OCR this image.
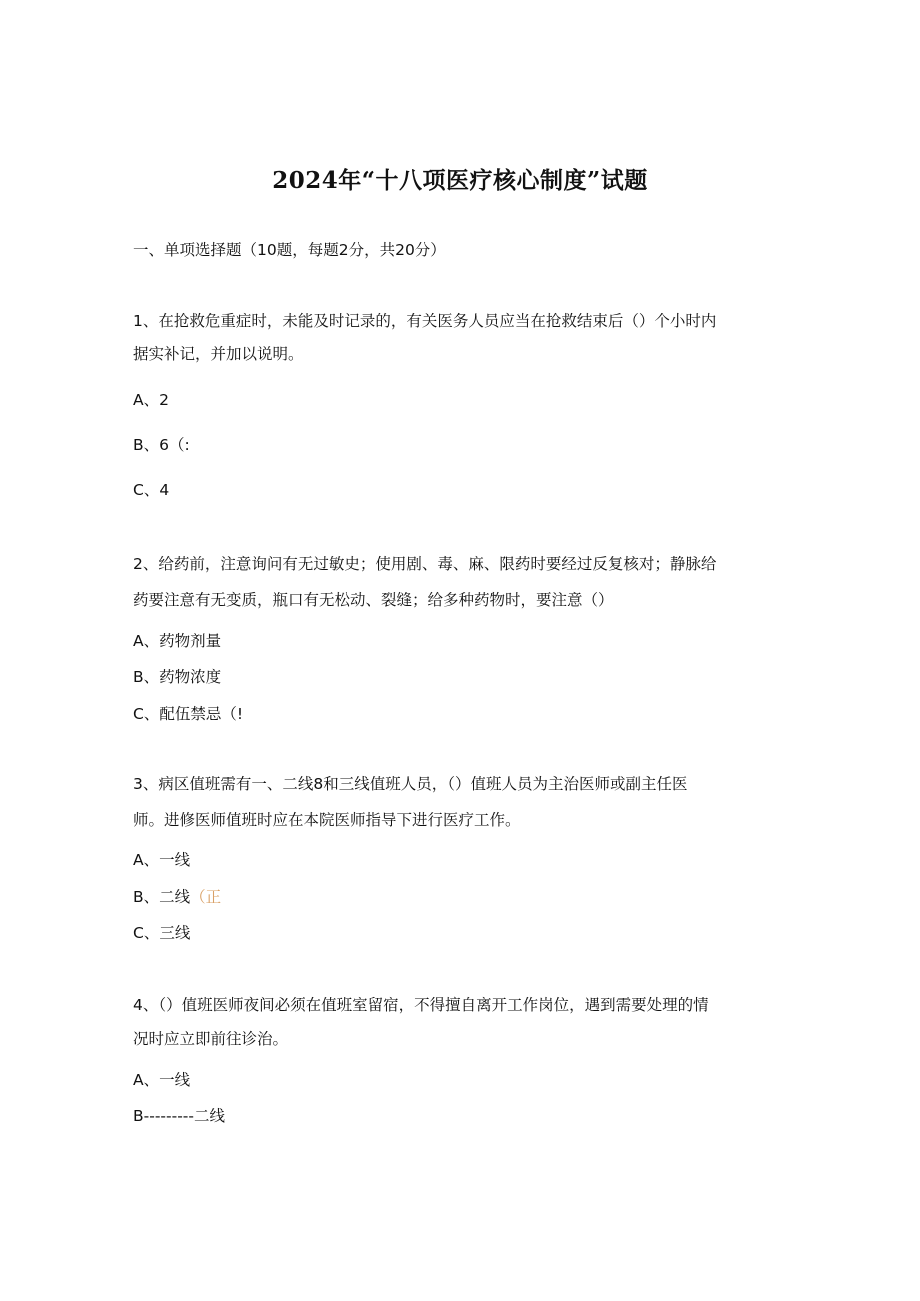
2024年“十八项医疗核心制度”试题
一、单项选择题（10题，每题2分，共20分）
1、在抢救危重症时，未能及时记录的，有关医务人员应当在抢救结束后（）个小时内
据实补记，并加以说明。
A、2
B、6（:
C、4
2、给药前，注意询问有无过敏史；使用剧、毒、麻、限药时要经过反复核对；静脉给
药要注意有无变质，瓶口有无松动、裂缝；给多种药物时，要注意（）
A、药物剂量
B、药物浓度
C、配伍禁忌（!
3、病区值班需有一、二线8和三线值班人员，（）值班人员为主治医师或副主任医
师。进修医师值班时应在本院医师指导下进行医疗工作。
A、一线
B、二线（正
C、三线
4、（）值班医师夜间必须在值班室留宿，不得擅自离开工作岗位，遇到需要处理的情
况时应立即前往诊治。
A、一线
B---------二线
